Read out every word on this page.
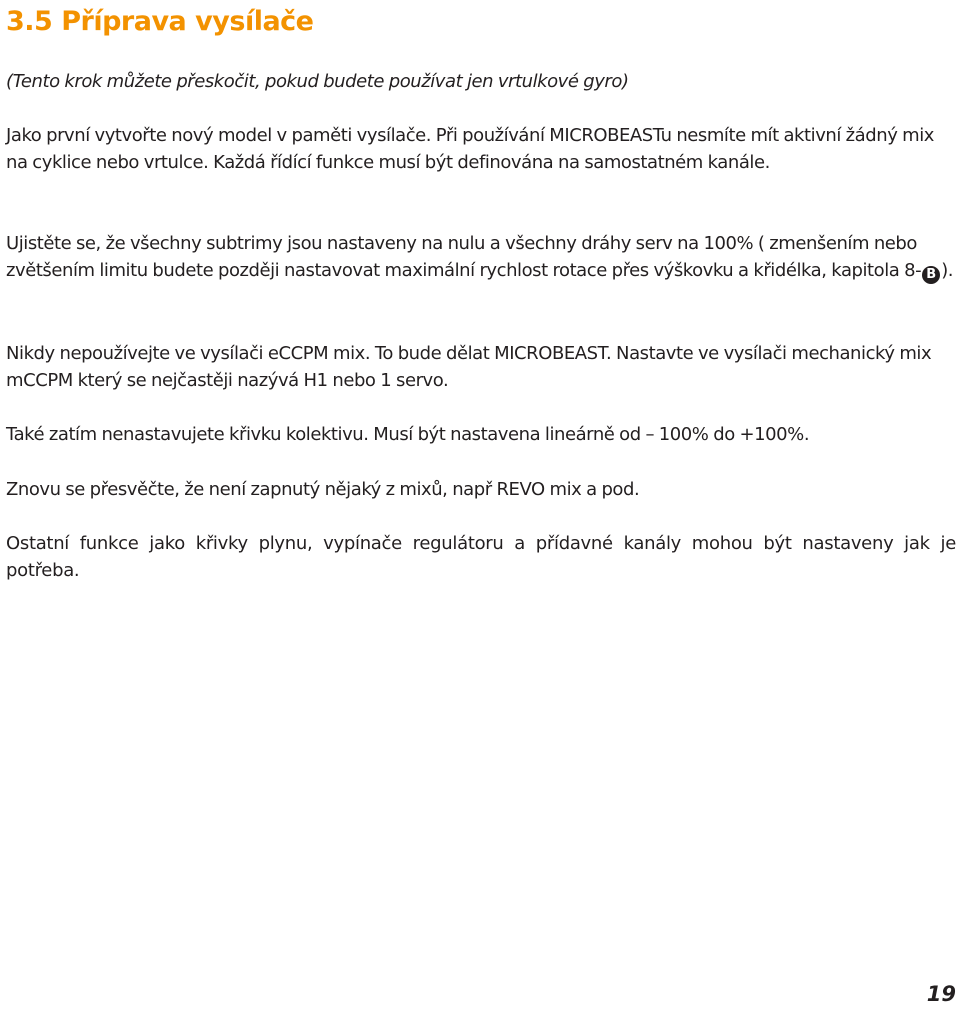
3.5 Příprava vysílače

(Tento krok můžete přeskočit, pokud budete používat jen vrtulkové gyro)

Jako první vytvořte nový model v paměti vysílače. Při používání MICROBEASTu nesmíte mít aktivní žádný mix na cyklice nebo vrtulce. Každá řídící funkce musí být definována na samostatném kanále.

Ujistěte se, že všechny subtrimy jsou nastaveny na nulu a všechny dráhy serv na 100% ( zmenšením nebo zvětšením limitu budete později nastavovat maximální rychlost rotace přes výškovku a křidélka, kapitola 8- B ).

Nikdy nepoužívejte ve vysílači eCCPM mix. To bude dělat MICROBEAST. Nastavte ve vysílači mechanický mix mCCPM který se nejčastěji nazývá H1 nebo 1 servo.

Také zatím nenastavujete křivku kolektivu. Musí být nastavena lineárně od – 100% do +100%.

Znovu se přesvěčte, že není zapnutý nějaký z mixů, např REVO mix a pod.

Ostatní funkce jako křivky plynu, vypínače regulátoru a přídavné kanály mohou být nastaveny jak je potřeba.

19
